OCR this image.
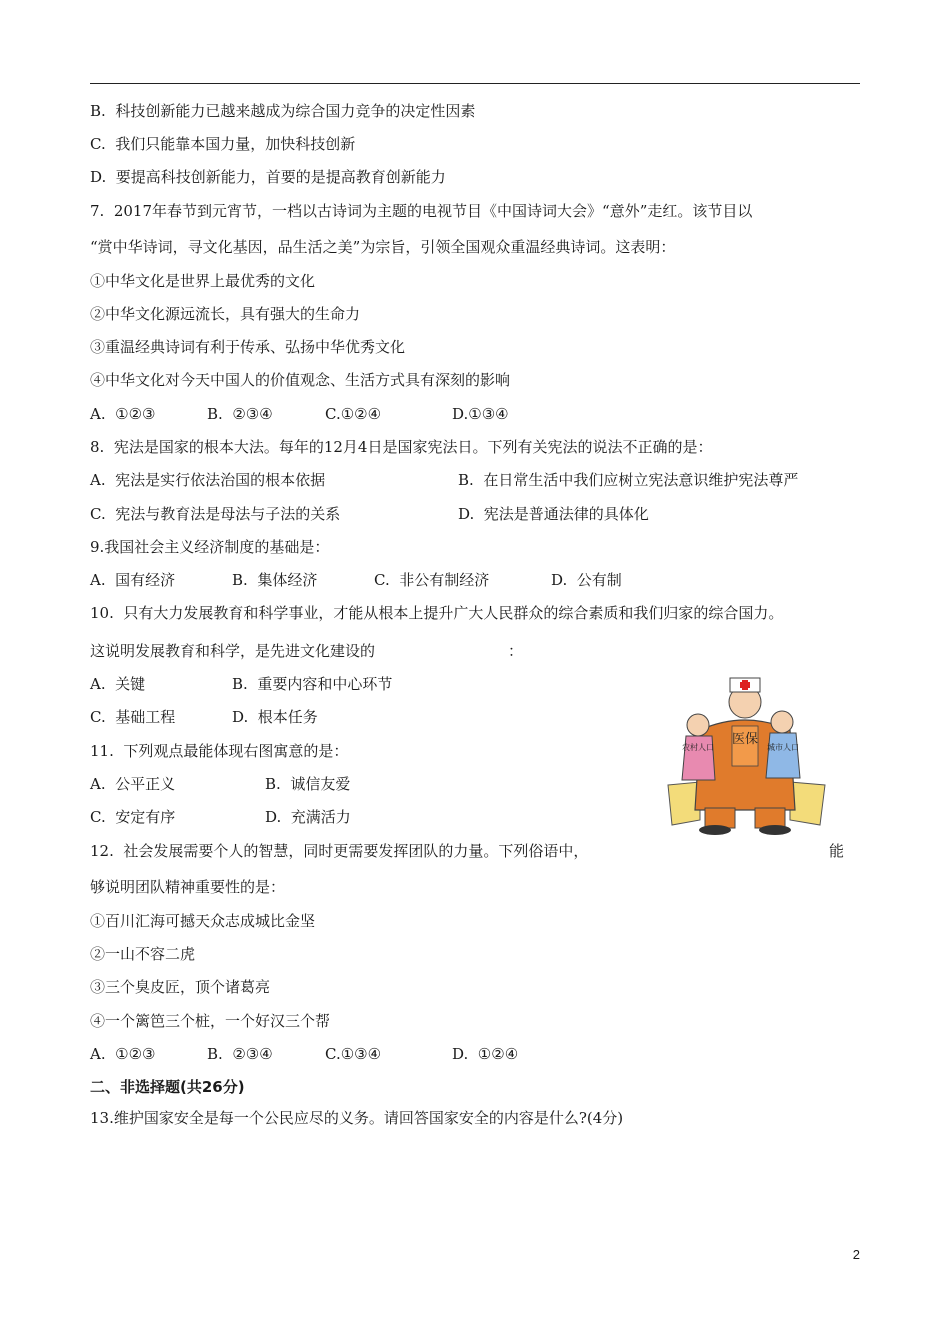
B.  科技创新能力已越来越成为综合国力竞争的决定性因素
C.  我们只能靠本国力量，加快科技创新
D.  要提高科技创新能力，首要的是提高教育创新能力
7.  2017年春节到元宵节，一档以古诗词为主题的电视节目《中国诗词大会》“意外”走红。该节目以
“赏中华诗词，寻文化基因，品生活之美”为宗旨，引领全国观众重温经典诗词。这表明：
①中华文化是世界上最优秀的文化
②中华文化源远流长，具有强大的生命力
③重温经典诗词有利于传承、弘扬中华优秀文化
④中华文化对今天中国人的价值观念、生活方式具有深刻的影响
A.  ①②③	B.  ②③④	C.①②④	D.①③④
8.  宪法是国家的根本大法。每年的12月4日是国家宪法日。下列有关宪法的说法不正确的是：
A.  宪法是实行依法治国的根本依据	B.  在日常生活中我们应树立宪法意识维护宪法尊严
C.  宪法与教育法是母法与子法的关系	D.  宪法是普通法律的具体化
9.我国社会主义经济制度的基础是：
A.  国有经济	B.  集体经济	C.  非公有制经济	D.  公有制
10.  只有大力发展教育和科学事业，才能从根本上提升广大人民群众的综合素质和我们归家的综合国力。
这说明发展教育和科学，是先进文化建设的	：
A.  关键	B.  重要内容和中心环节
C.  基础工程	D.  根本任务
11.  下列观点最能体现右图寓意的是：
A.  公平正义	B.  诚信友爱
C.  安定有序	D.  充满活力
医保
农村人口	城市人口
12.  社会发展需要个人的智慧，同时更需要发挥团队的力量。下列俗语中，	能
够说明团队精神重要性的是：
①百川汇海可撼天众志成城比金坚
②一山不容二虎
③三个臭皮匠，顶个诸葛亮
④一个篱笆三个桩，一个好汉三个帮
A.  ①②③	B.  ②③④	C.①③④	D.  ①②④
二、非选择题(共26分)
13.维护国家安全是每一个公民应尽的义务。请回答国家安全的内容是什么?(4分)
2
